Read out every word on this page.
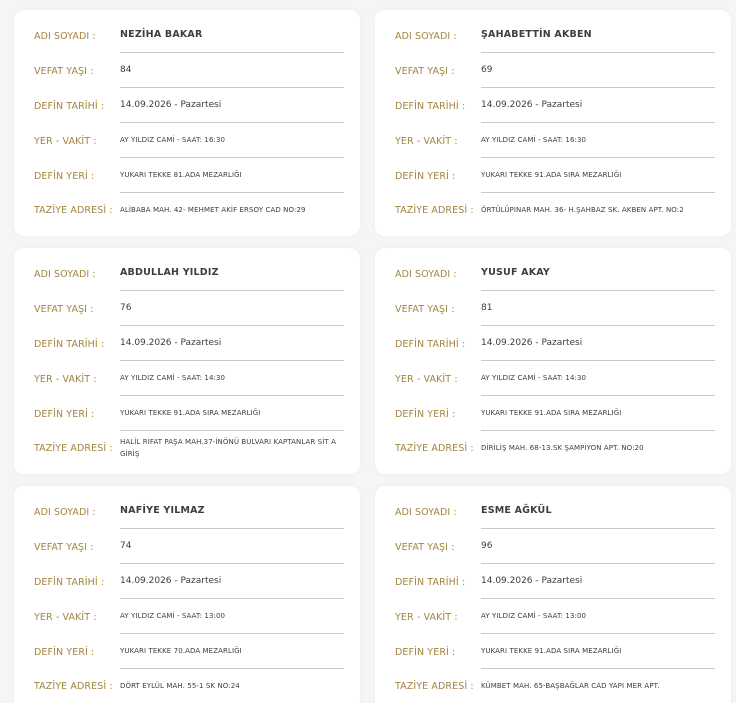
ADI SOYADI :	NEZİHA BAKAR
VEFAT YAŞI :	84
DEFİN TARİHİ :	14.09.2026 - Pazartesi
YER - VAKİT :	AY YILDIZ CAMİ - SAAT: 16:30
DEFİN YERİ :	YUKARI TEKKE 81.ADA MEZARLIĞI
TAZİYE ADRESİ :	ALİBABA MAH. 42- MEHMET AKİF ERSOY CAD NO:29
ADI SOYADI :	ŞAHABETTİN AKBEN
VEFAT YAŞI :	69
DEFİN TARİHİ :	14.09.2026 - Pazartesi
YER - VAKİT :	AY YILDIZ CAMİ - SAAT: 16:30
DEFİN YERİ :	YUKARI TEKKE 91.ADA SIRA MEZARLIĞI
TAZİYE ADRESİ :	ÖRTÜLÜPINAR MAH. 36- H.ŞAHBAZ SK. AKBEN APT. NO:2
ADI SOYADI :	ABDULLAH YILDIZ
VEFAT YAŞI :	76
DEFİN TARİHİ :	14.09.2026 - Pazartesi
YER - VAKİT :	AY YILDIZ CAMİ - SAAT: 14:30
DEFİN YERİ :	YUKARI TEKKE 91.ADA SIRA MEZARLIĞI
TAZİYE ADRESİ :
HALİL RIFAT PAŞA MAH.37-İNÖNÜ BULVARI KAPTANLAR SİT A GİRİŞ
ADI SOYADI :	YUSUF AKAY
VEFAT YAŞI :	81
DEFİN TARİHİ :	14.09.2026 - Pazartesi
YER - VAKİT :	AY YILDIZ CAMİ - SAAT: 14:30
DEFİN YERİ :	YUKARI TEKKE 91.ADA SIRA MEZARLIĞI
TAZİYE ADRESİ :	DİRİLİŞ MAH. 68-13.SK ŞAMPİYON APT. NO:20
ADI SOYADI :	NAFİYE YILMAZ
VEFAT YAŞI :	74
DEFİN TARİHİ :	14.09.2026 - Pazartesi
YER - VAKİT :	AY YILDIZ CAMİ - SAAT: 13:00
DEFİN YERİ :	YUKARI TEKKE 70.ADA MEZARLIĞI
TAZİYE ADRESİ :	DÖRT EYLÜL MAH. 55-1 SK NO:24
ADI SOYADI :	ESME AĞKÜL
VEFAT YAŞI :	96
DEFİN TARİHİ :	14.09.2026 - Pazartesi
YER - VAKİT :	AY YILDIZ CAMİ - SAAT: 13:00
DEFİN YERİ :	YUKARI TEKKE 91.ADA SIRA MEZARLIĞI
TAZİYE ADRESİ :	KÜMBET MAH. 65-BAŞBAĞLAR CAD YAPI MER APT.
